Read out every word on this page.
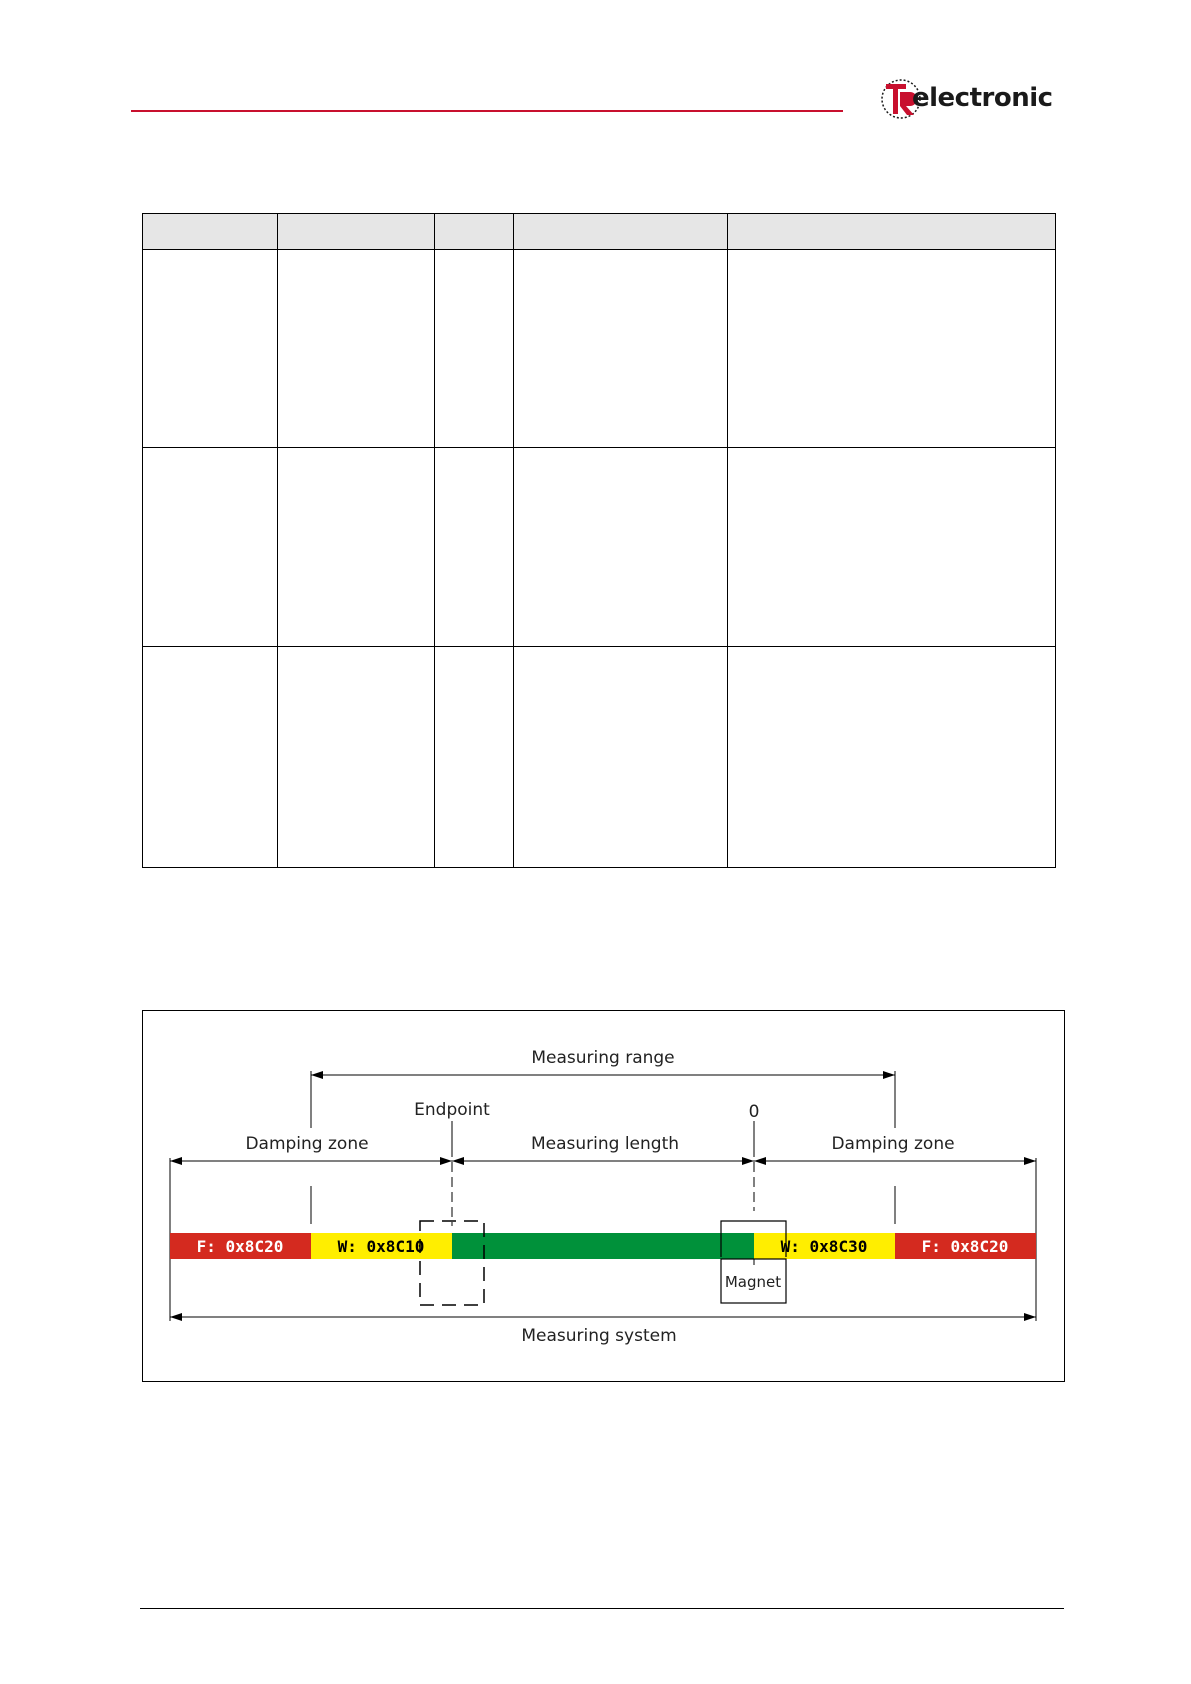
electronic

F: 0x8C20	W: 0x8C10	W: 0x8C30	F: 0x8C20
Measuring range
Endpoint	0
Damping zone	Measuring length	Damping zone
Magnet
Measuring system
